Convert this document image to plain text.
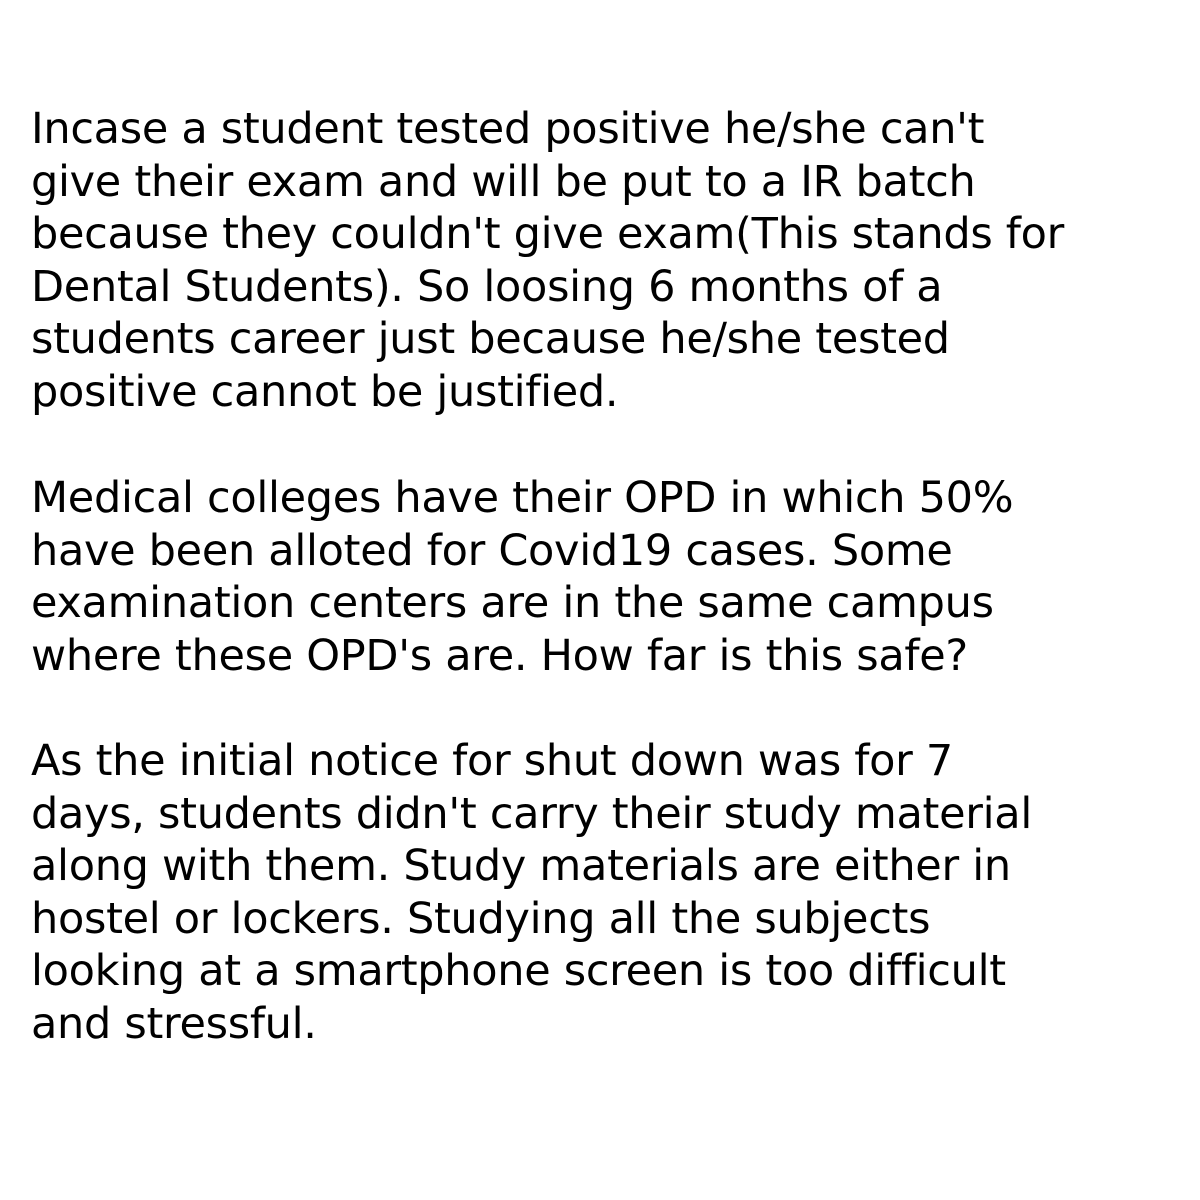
Incase a student tested positive he/she can't
give their exam and will be put to a IR batch
because they couldn't give exam(This stands for
Dental Students). So loosing 6 months of a
students career just because he/she tested
positive cannot be justified.

Medical colleges have their OPD in which 50%
have been alloted for Covid19 cases. Some
examination centers are in the same campus
where these OPD's are. How far is this safe?

As the initial notice for shut down was for 7
days, students didn't carry their study material
along with them. Study materials are either in
hostel or lockers. Studying all the subjects
looking at a smartphone screen is too difficult
and stressful.
